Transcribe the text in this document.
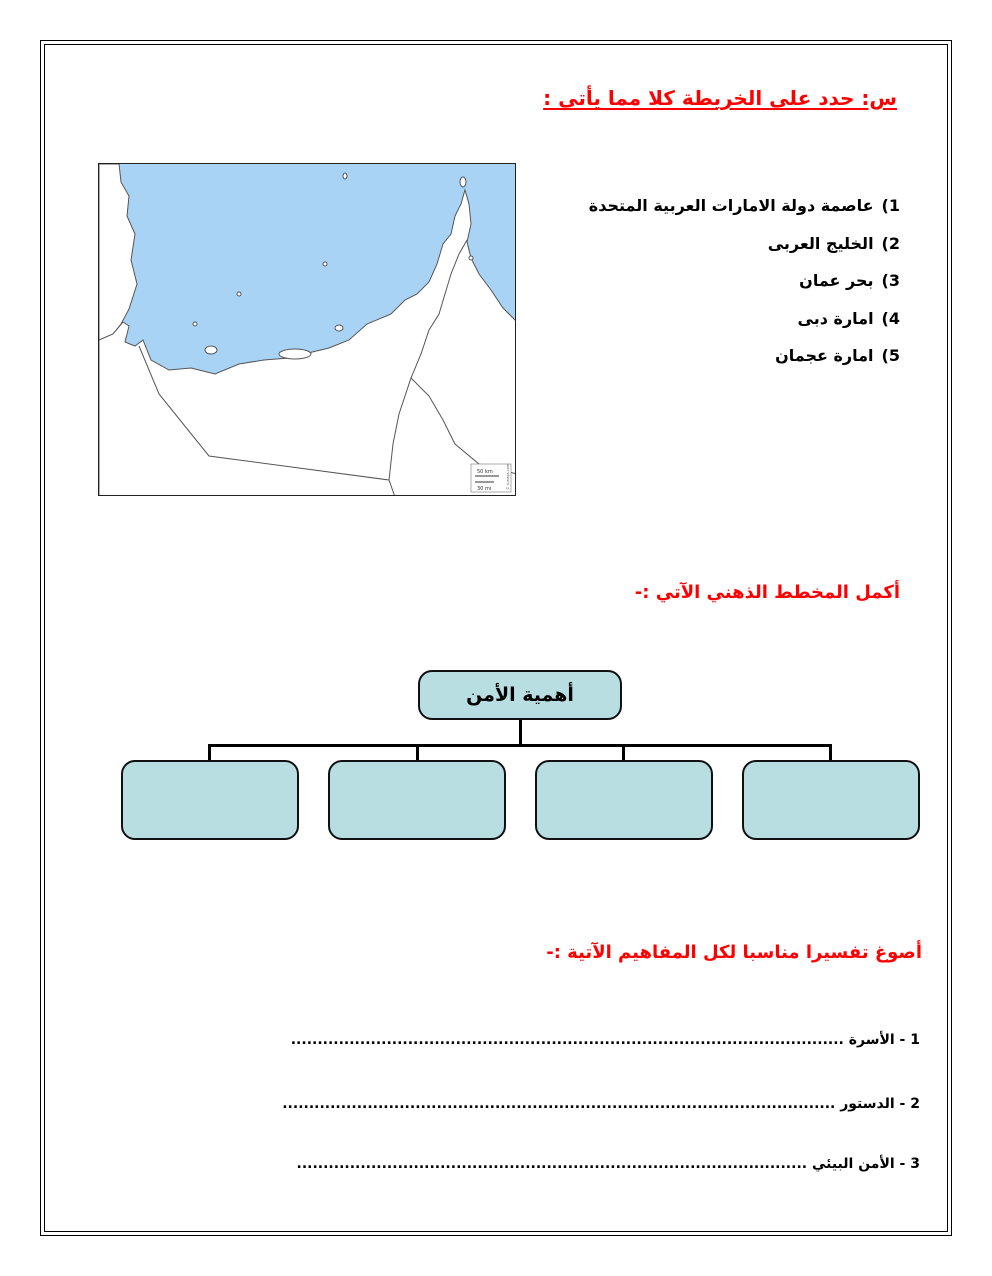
س: حدد على الخريطة كلا مما يأتى :
1)عاصمة دولة الامارات العربية المتحدة
2)الخليج العربى
3)بحر عمان
4)امارة دبى
5)امارة عجمان
50 km
30 mi	© d-maps.com
أكمل المخطط الذهني الآتي :-
أهمية الأمن
أصوغ تفسيرا مناسبا لكل المفاهيم الآتية :-
1 - الأسرة ........................................................................................................
2 - الدستور ........................................................................................................
3 - الأمن البيئي ................................................................................................
